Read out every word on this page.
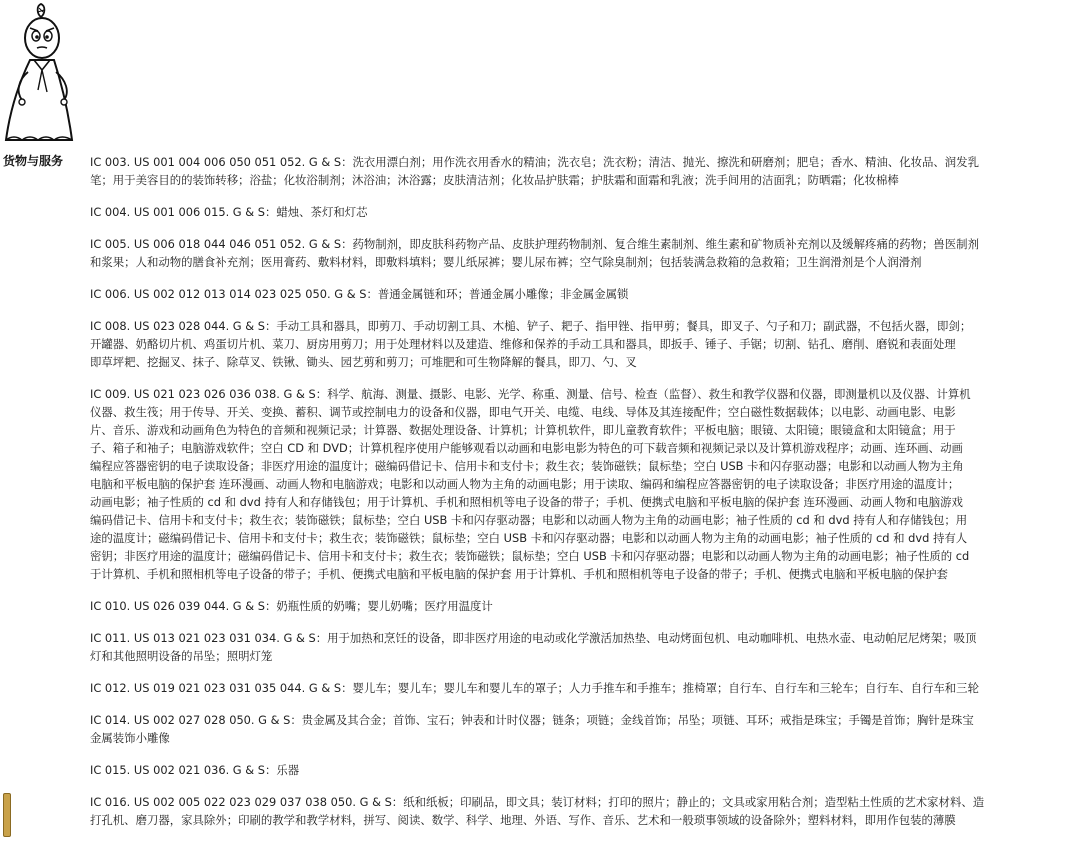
货物与服务 IC 003. US 001 004 006 050 051 052. G & S：洗衣用漂白剂；用作洗衣用香水的精油；洗衣皂；洗衣粉；清洁、抛光、擦洗和研磨剂；肥皂；香水、精油、化妆品、润发乳
笔；用于美容目的的装饰转移；浴盐；化妆浴制剂；沐浴油；沐浴露；皮肤清洁剂；化妆品护肤霜；护肤霜和面霜和乳液；洗手间用的洁面乳；防晒霜；化妆棉棒
IC 004. US 001 006 015. G & S：蜡烛、茶灯和灯芯
IC 005. US 006 018 044 046 051 052. G & S：药物制剂，即皮肤科药物产品、皮肤护理药物制剂、复合维生素制剂、维生素和矿物质补充剂以及缓解疼痛的药物；兽医制剂
和浆果；人和动物的膳食补充剂；医用膏药、敷料材料，即敷料填料；婴儿纸尿裤；婴儿尿布裤；空气除臭制剂；包括装满急救箱的急救箱；卫生润滑剂是个人润滑剂
IC 006. US 002 012 013 014 023 025 050. G & S：普通金属链和环；普通金属小雕像；非金属金属锁
IC 008. US 023 028 044. G & S：手动工具和器具，即剪刀、手动切割工具、木槌、铲子、耙子、指甲锉、指甲剪；餐具，即叉子、勺子和刀；副武器，不包括火器，即剑；
开罐器、奶酪切片机、鸡蛋切片机、菜刀、厨房用剪刀；用于处理材料以及建造、维修和保养的手动工具和器具，即扳手、锤子、手锯；切割、钻孔、磨削、磨锐和表面处理
即草坪耙、挖掘叉、抹子、除草叉、铁锹、锄头、园艺剪和剪刀；可堆肥和可生物降解的餐具，即刀、勺、叉
IC 009. US 021 023 026 036 038. G & S：科学、航海、测量、摄影、电影、光学、称重、测量、信号、检查（监督）、救生和教学仪器和仪器，即测量机以及仪器、计算机
仪器、救生筏；用于传导、开关、变换、蓄积、调节或控制电力的设备和仪器，即电气开关、电缆、电线、导体及其连接配件；空白磁性数据载体；以电影、动画电影、电影
片、音乐、游戏和动画角色为特色的音频和视频记录；计算器、数据处理设备、计算机；计算机软件，即儿童教育软件；平板电脑；眼镜、太阳镜；眼镜盒和太阳镜盒；用于
子、箱子和袖子；电脑游戏软件；空白 CD 和 DVD；计算机程序使用户能够观看以动画和电影电影为特色的可下载音频和视频记录以及计算机游戏程序；动画、连环画、动画
编程应答器密钥的电子读取设备；非医疗用途的温度计；磁编码借记卡、信用卡和支付卡；救生衣；装饰磁铁；鼠标垫；空白 USB 卡和闪存驱动器；电影和以动画人物为主角
电脑和平板电脑的保护套 连环漫画、动画人物和电脑游戏；电影和以动画人物为主角的动画电影；用于读取、编码和编程应答器密钥的电子读取设备；非医疗用途的温度计；
动画电影；袖子性质的 cd 和 dvd 持有人和存储钱包；用于计算机、手机和照相机等电子设备的带子；手机、便携式电脑和平板电脑的保护套 连环漫画、动画人物和电脑游戏
编码借记卡、信用卡和支付卡；救生衣；装饰磁铁；鼠标垫；空白 USB 卡和闪存驱动器；电影和以动画人物为主角的动画电影；袖子性质的 cd 和 dvd 持有人和存储钱包；用
途的温度计；磁编码借记卡、信用卡和支付卡；救生衣；装饰磁铁；鼠标垫；空白 USB 卡和闪存驱动器；电影和以动画人物为主角的动画电影；袖子性质的 cd 和 dvd 持有人
密钥；非医疗用途的温度计；磁编码借记卡、信用卡和支付卡；救生衣；装饰磁铁；鼠标垫；空白 USB 卡和闪存驱动器；电影和以动画人物为主角的动画电影；袖子性质的 cd
于计算机、手机和照相机等电子设备的带子；手机、便携式电脑和平板电脑的保护套 用于计算机、手机和照相机等电子设备的带子；手机、便携式电脑和平板电脑的保护套
IC 010. US 026 039 044. G & S：奶瓶性质的奶嘴；婴儿奶嘴；医疗用温度计
IC 011. US 013 021 023 031 034. G & S：用于加热和烹饪的设备，即非医疗用途的电动或化学激活加热垫、电动烤面包机、电动咖啡机、电热水壶、电动帕尼尼烤架；吸顶
灯和其他照明设备的吊坠；照明灯笼
IC 012. US 019 021 023 031 035 044. G & S：婴儿车；婴儿车；婴儿车和婴儿车的罩子；人力手推车和手推车；推椅罩；自行车、自行车和三轮车；自行车、自行车和三轮
IC 014. US 002 027 028 050. G & S：贵金属及其合金；首饰、宝石；钟表和计时仪器；链条；项链；金线首饰；吊坠；项链、耳环；戒指是珠宝；手镯是首饰；胸针是珠宝
金属装饰小雕像
IC 015. US 002 021 036. G & S：乐器
IC 016. US 002 005 022 023 029 037 038 050. G & S：纸和纸板；印刷品，即文具；装订材料；打印的照片；静止的；文具或家用粘合剂；造型粘土性质的艺术家材料、造
打孔机、磨刀器，家具除外；印刷的教学和教学材料，拼写、阅读、数学、科学、地理、外语、写作、音乐、艺术和一般琐事领域的设备除外；塑料材料，即用作包装的薄膜
